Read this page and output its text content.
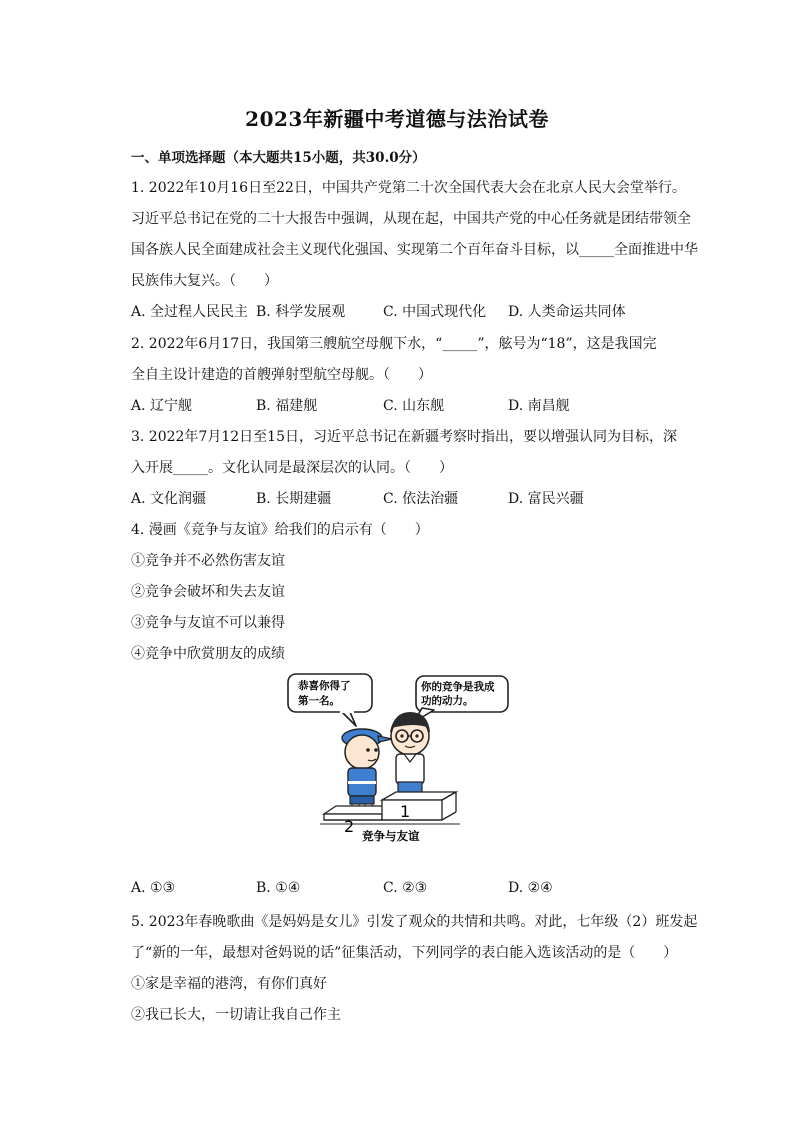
2023年新疆中考道德与法治试卷
一、单项选择题（本大题共15小题，共30.0分）
1. 2022年10月16日至22日，中国共产党第二十次全国代表大会在北京人民大会堂举行。
习近平总书记在党的二十大报告中强调，从现在起，中国共产党的中心任务就是团结带领全
国各族人民全面建成社会主义现代化强国、实现第二个百年奋斗目标，以_____全面推进中华
民族伟大复兴。（　　）
A. 全过程人民民主 B. 科学发展观	C. 中国式现代化 D. 人类命运共同体
2. 2022年6月17日，我国第三艘航空母舰下水，“_____”，舷号为“18”，这是我国完
全自主设计建造的首艘弹射型航空母舰。（　　）
A. 辽宁舰	B. 福建舰	C. 山东舰	D. 南昌舰
3. 2022年7月12日至15日，习近平总书记在新疆考察时指出，要以增强认同为目标，深
入开展_____。文化认同是最深层次的认同。（　　）
A. 文化润疆	B. 长期建疆	C. 依法治疆	D. 富民兴疆
4. 漫画《竞争与友谊》给我们的启示有（　　）
①竞争并不必然伤害友谊
②竞争会破坏和失去友谊
③竞争与友谊不可以兼得
④竞争中欣赏朋友的成绩
恭喜你得了
第一名。
你的竞争是我成
功的动力。
2
1
竞争与友谊
A. ①③	B. ①④	C. ②③	D. ②④
5. 2023年春晚歌曲《是妈妈是女儿》引发了观众的共情和共鸣。对此，七年级（2）班发起
了“新的一年，最想对爸妈说的话”征集活动，下列同学的表白能入选该活动的是（　　）
①家是幸福的港湾，有你们真好
②我已长大，一切请让我自己作主
